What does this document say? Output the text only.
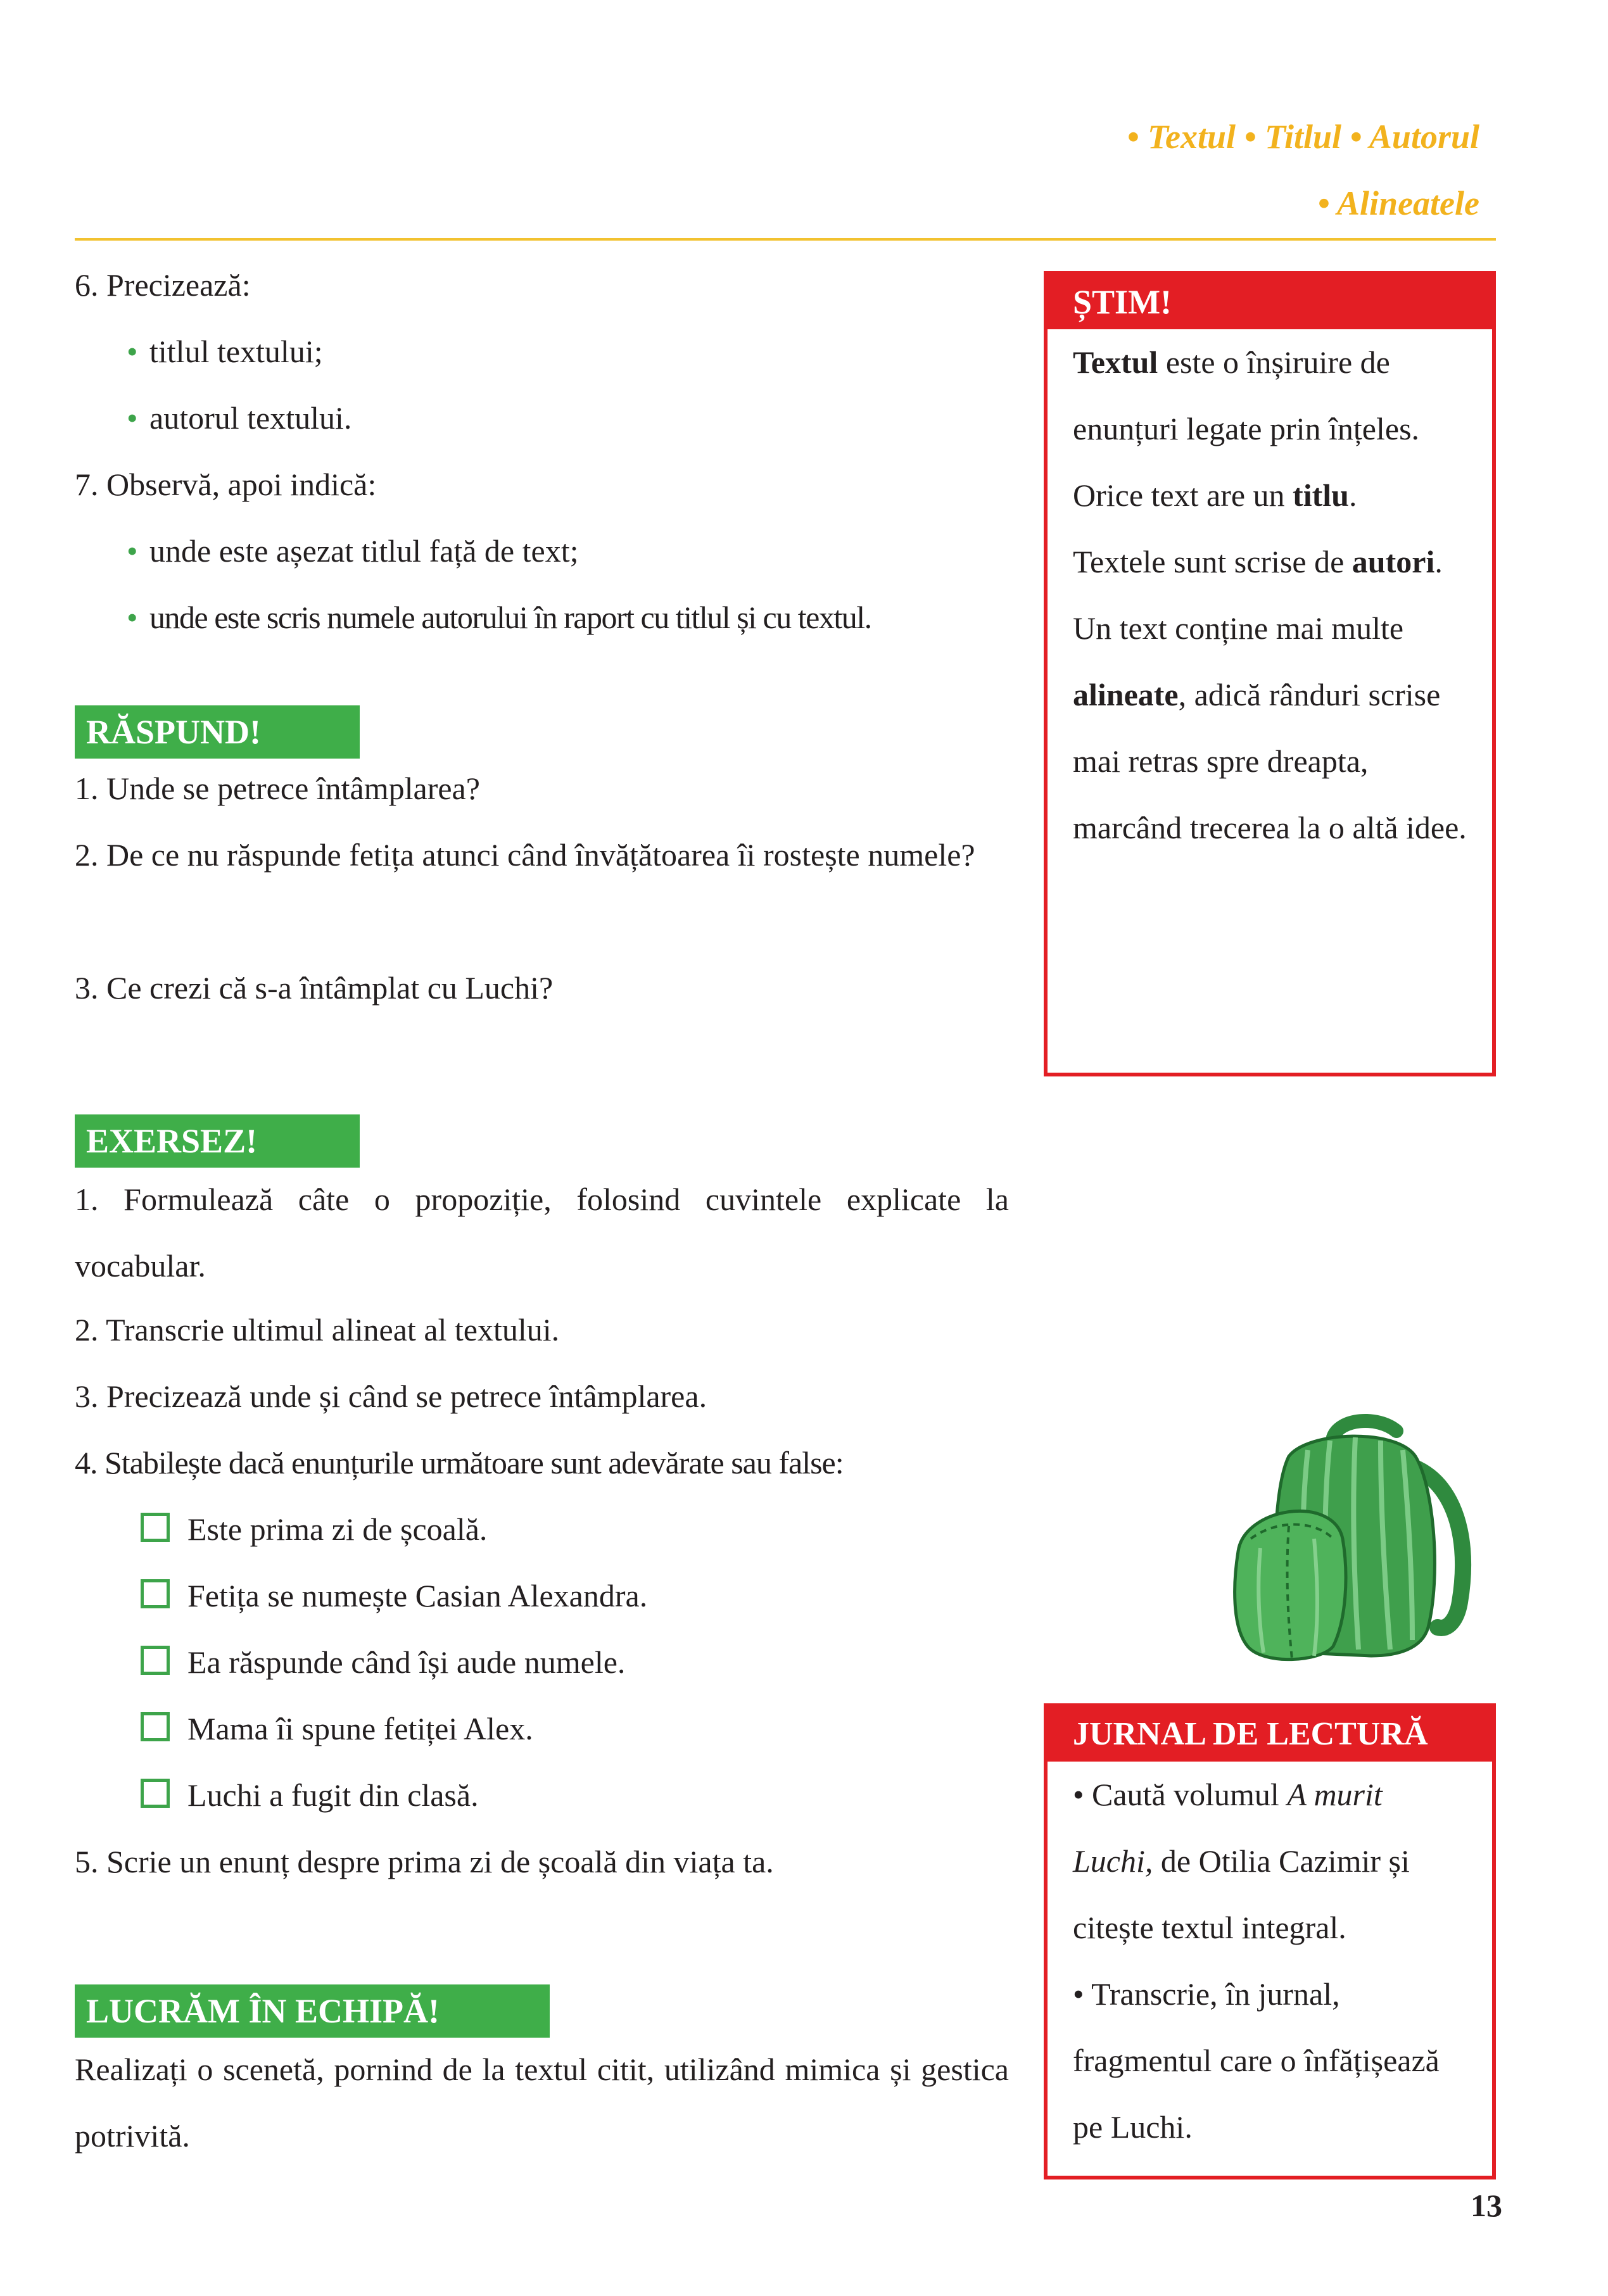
• Textul • Titlul • Autorul
• Alineatele
6. Precizează:
• titlul textului;
• autorul textului.
7. Observă, apoi indică:
• unde este așezat titlul față de text;
• unde este scris numele autorului în raport cu titlul și cu textul.
RĂSPUND!
1. Unde se petrece întâmplarea?
2. De ce nu răspunde fetița atunci când învățătoarea îi rostește numele?
3. Ce crezi că s-a întâmplat cu Luchi?
EXERSEZ!
1. Formulează câte o propoziție, folosind cuvintele explicate la vocabular.
2. Transcrie ultimul alineat al textului.
3. Precizează unde și când se petrece întâmplarea.
4. Stabilește dacă enunțurile următoare sunt adevărate sau false:
Este prima zi de școală.
Fetița se numește Casian Alexandra.
Ea răspunde când își aude numele.
Mama îi spune fetiței Alex.
Luchi a fugit din clasă.
5. Scrie un enunț despre prima zi de școală din viața ta.
LUCRĂM ÎN ECHIPĂ!
Realizați o scenetă, pornind de la textul citit, utilizând mimica și gestica potrivită.
ȘTIM!
Textul este o înșiruire de enunțuri legate prin înțeles.
Orice text are un titlu.
Textele sunt scrise de autori.
Un text conține mai multe alineate, adică rânduri scrise mai retras spre dreapta, marcând trecerea la o altă idee.
JURNAL DE LECTURĂ
• Caută volumul A murit Luchi, de Otilia Cazimir și citește textul integral.
• Transcrie, în jurnal, fragmentul care o înfățișează pe Luchi.
13
